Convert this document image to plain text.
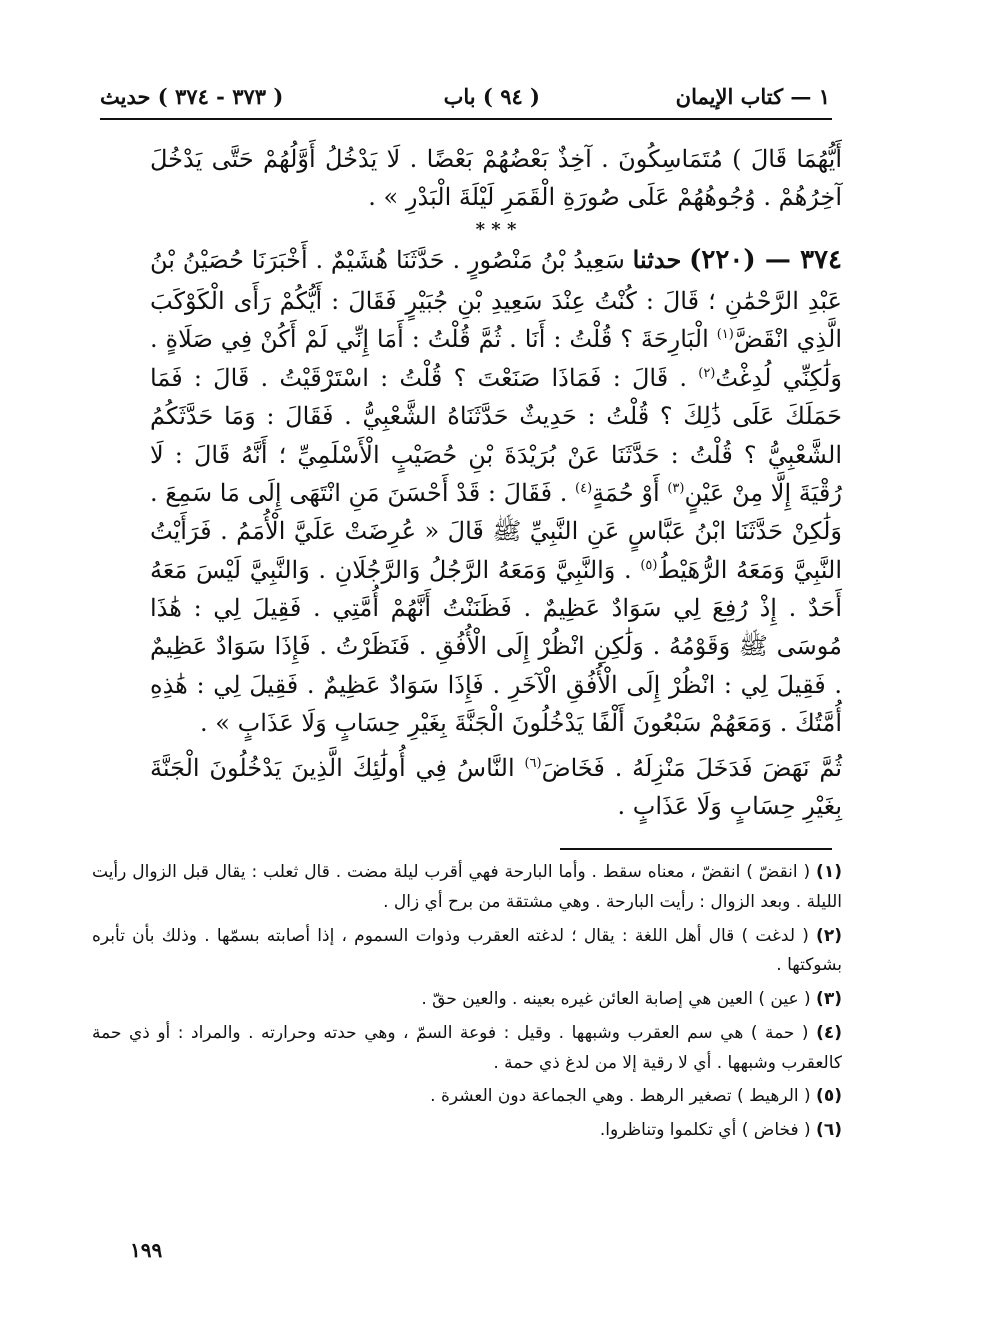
١ — كتاب الإيمان
( ٩٤ ) باب
( ٣٧٣ - ٣٧٤ ) حديث

أَيُّهُمَا قَالَ ) مُتَمَاسِكُونَ . آخِذٌ بَعْضُهُمْ بَعْضًا . لَا يَدْخُلُ أَوَّلُهُمْ حَتَّى يَدْخُلَ آخِرُهُمْ . وُجُوهُهُمْ عَلَى صُورَةِ الْقَمَرِ لَيْلَةَ الْبَدْرِ » .

* * *

٣٧٤ — (٢٢٠) حدثنا سَعِيدُ بْنُ مَنْصُورٍ . حَدَّثَنَا هُشَيْمٌ . أَخْبَرَنَا حُصَيْنُ بْنُ عَبْدِ الرَّحْمَٰنِ ؛ قَالَ : كُنْتُ عِنْدَ سَعِيدِ بْنِ جُبَيْرٍ فَقَالَ : أَيُّكُمْ رَأَى الْكَوْكَبَ الَّذِي انْقَضَّ$^{(١)}$ الْبَارِحَةَ ؟ قُلْتُ : أَنَا . ثُمَّ قُلْتُ : أَمَا إِنِّي لَمْ أَكُنْ فِي صَلَاةٍ . وَلَٰكِنِّي لُدِغْتُ$^{(٢)}$ . قَالَ : فَمَاذَا صَنَعْتَ ؟ قُلْتُ : اسْتَرْقَيْتُ . قَالَ : فَمَا حَمَلَكَ عَلَى ذَٰلِكَ ؟ قُلْتُ : حَدِيثٌ حَدَّثَنَاهُ الشَّعْبِيُّ . فَقَالَ : وَمَا حَدَّثَكُمُ الشَّعْبِيُّ ؟ قُلْتُ : حَدَّثَنَا عَنْ بُرَيْدَةَ بْنِ حُصَيْبٍ الْأَسْلَمِيِّ ؛ أَنَّهُ قَالَ : لَا رُقْيَةَ إِلَّا مِنْ عَيْنٍ$^{(٣)}$ أَوْ حُمَةٍ$^{(٤)}$ . فَقَالَ : قَدْ أَحْسَنَ مَنِ انْتَهَى إِلَى مَا سَمِعَ . وَلَٰكِنْ حَدَّثَنَا ابْنُ عَبَّاسٍ عَنِ النَّبِيِّ ﷺ قَالَ « عُرِضَتْ عَلَيَّ الْأُمَمُ . فَرَأَيْتُ النَّبِيَّ وَمَعَهُ الرُّهَيْطُ$^{(٥)}$ . وَالنَّبِيَّ وَمَعَهُ الرَّجُلُ وَالرَّجُلَانِ . وَالنَّبِيَّ لَيْسَ مَعَهُ أَحَدٌ . إِذْ رُفِعَ لِي سَوَادٌ عَظِيمٌ . فَظَنَنْتُ أَنَّهُمْ أُمَّتِي . فَقِيلَ لِي : هَٰذَا مُوسَى ﷺ وَقَوْمُهُ . وَلَٰكِنِ انْظُرْ إِلَى الْأُفُقِ . فَنَظَرْتُ . فَإِذَا سَوَادٌ عَظِيمٌ . فَقِيلَ لِي : انْظُرْ إِلَى الْأُفُقِ الْآخَرِ . فَإِذَا سَوَادٌ عَظِيمٌ . فَقِيلَ لِي : هَٰذِهِ أُمَّتُكَ . وَمَعَهُمْ سَبْعُونَ أَلْفًا يَدْخُلُونَ الْجَنَّةَ بِغَيْرِ حِسَابٍ وَلَا عَذَابٍ » .

ثُمَّ نَهَضَ فَدَخَلَ مَنْزِلَهُ . فَخَاضَ$^{(٦)}$ النَّاسُ فِي أُولَٰئِكَ الَّذِينَ يَدْخُلُونَ الْجَنَّةَ بِغَيْرِ حِسَابٍ وَلَا عَذَابٍ .

(١) ( انقضّ ) انقضّ ، معناه سقط . وأما البارحة فهي أقرب ليلة مضت . قال ثعلب : يقال قبل الزوال رأيت الليلة . وبعد الزوال : رأيت البارحة . وهي مشتقة من برح أي زال .

(٢) ( لدغت ) قال أهل اللغة : يقال ؛ لدغته العقرب وذوات السموم ، إذا أصابته بسمّها . وذلك بأن تأبره بشوكتها .

(٣) ( عين ) العين هي إصابة العائن غيره بعينه . والعين حقّ .

(٤) ( حمة ) هي سم العقرب وشبهها . وقيل : فوعة السمّ ، وهي حدته وحرارته . والمراد : أو ذي حمة كالعقرب وشبهها . أي لا رقية إلا من لدغ ذي حمة .

(٥) ( الرهيط ) تصغير الرهط . وهي الجماعة دون العشرة .

(٦) ( فخاض ) أي تكلموا وتناظروا.

١٩٩
